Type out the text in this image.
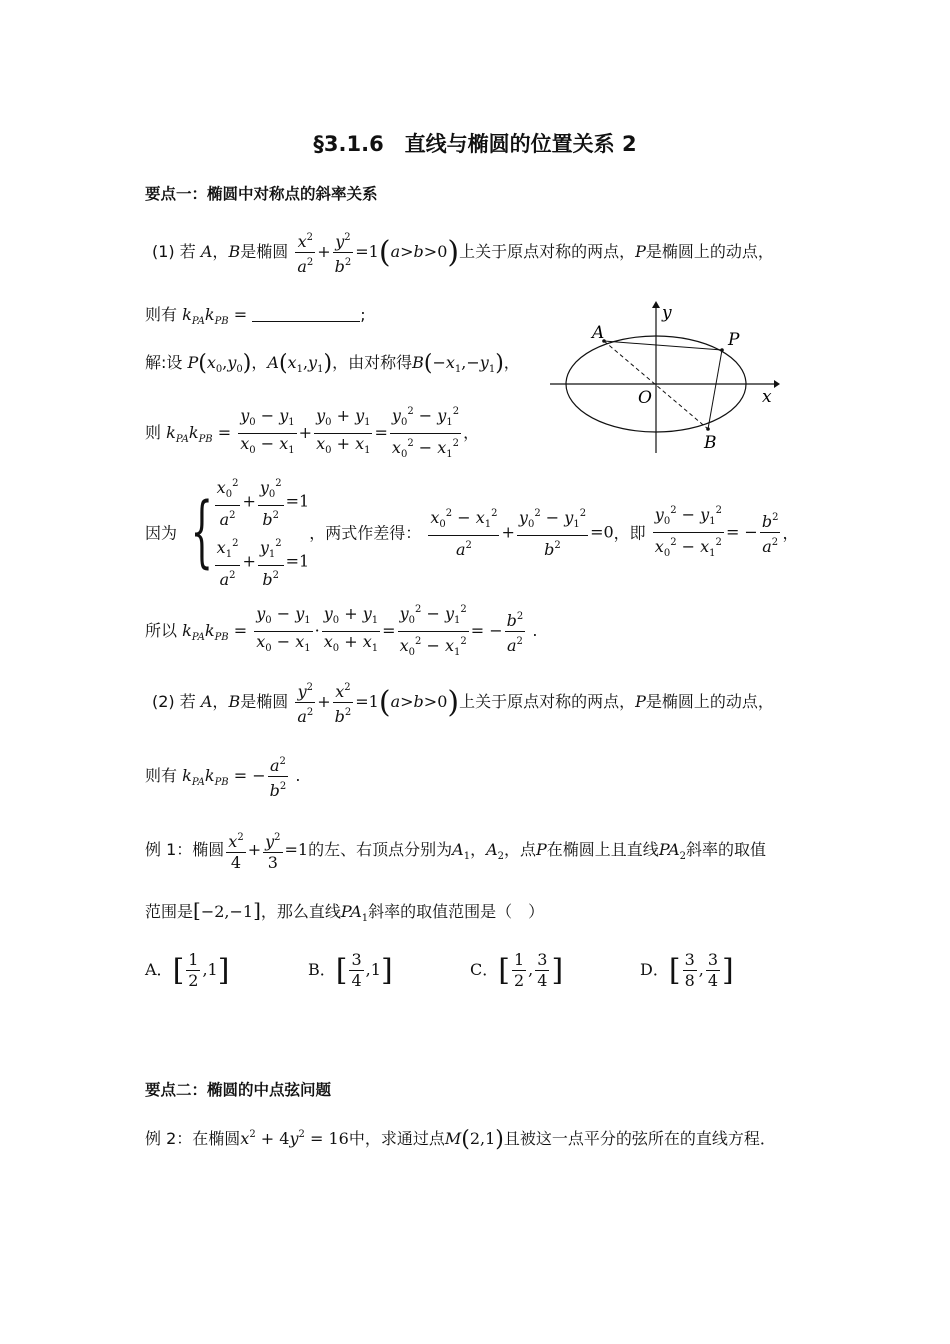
§3.1.6　直线与椭圆的位置关系 2
要点一：椭圆中对称点的斜率关系
(1) 若 A，B是椭圆 $\frac{x^2}{a^2} + \frac{y^2}{b^2} =1(a>b>0)$上关于原点对称的两点，P是椭圆上的动点，
则有 $k_{PA}k_{PB}$ =	;
解:设 $P(x_0,y_0)$，$A(x_1,y_1)$，由对称得$B(-x_1,-y_1)$，
则 $k_{PA}k_{PB} = \frac{y_0 - y_1}{x_0 - x_1} + \frac{y_0 + y_1}{x_0 + x_1} = \frac{y_0^2 - y_1^2}{x_0^2 - x_1^2}$ ，
A	P
B
O	x
y
因为 { $\frac{x_0^2}{a^2} + \frac{y_0^2}{b^2} =1$
$\frac{x_1^2}{a^2} + \frac{y_1^2}{b^2} =1$
，两式作差得： $\frac{x_0^2 - x_1^2}{a^2} + \frac{y_0^2 - y_1^2}{b^2} =0$，即 $\frac{y_0^2 - y_1^2}{x_0^2 - x_1^2}$ = − $\frac{b^2}{a^2}$ ，
所以 $k_{PA}k_{PB} = \frac{y_0 - y_1}{x_0 - x_1} \cdot \frac{y_0 + y_1}{x_0 + x_1} = \frac{y_0^2 - y_1^2}{x_0^2 - x_1^2}$ = − $\frac{b^2}{a^2}$ .
(2) 若 A，B是椭圆 $\frac{y^2}{a^2} + \frac{x^2}{b^2} =1(a>b>0)$上关于原点对称的两点，P是椭圆上的动点，
则有 $k_{PA}k_{PB}$ = − $\frac{a^2}{b^2}$ .
例 1：椭圆 $\frac{x^2}{4} + \frac{y^2}{3} =1$的左、右顶点分别为$A_1$，$A_2$，点P在椭圆上且直线$PA_2$斜率的取值
范围是[−2,−1]，那么直线$PA_1$斜率的取值范围是（　）
A．[ $\frac{1}{2} ,1$]	B．[ $\frac{3}{4} ,1$]	C．[ $\frac{1}{2}$ , $\frac{3}{4}$ ]	D．[ $\frac{3}{8}$ , $\frac{3}{4}$ ]
要点二：椭圆的中点弦问题
例 2：在椭圆$x^2 + 4y^2 = 16$中，求通过点M(2,1)且被这一点平分的弦所在的直线方程．
